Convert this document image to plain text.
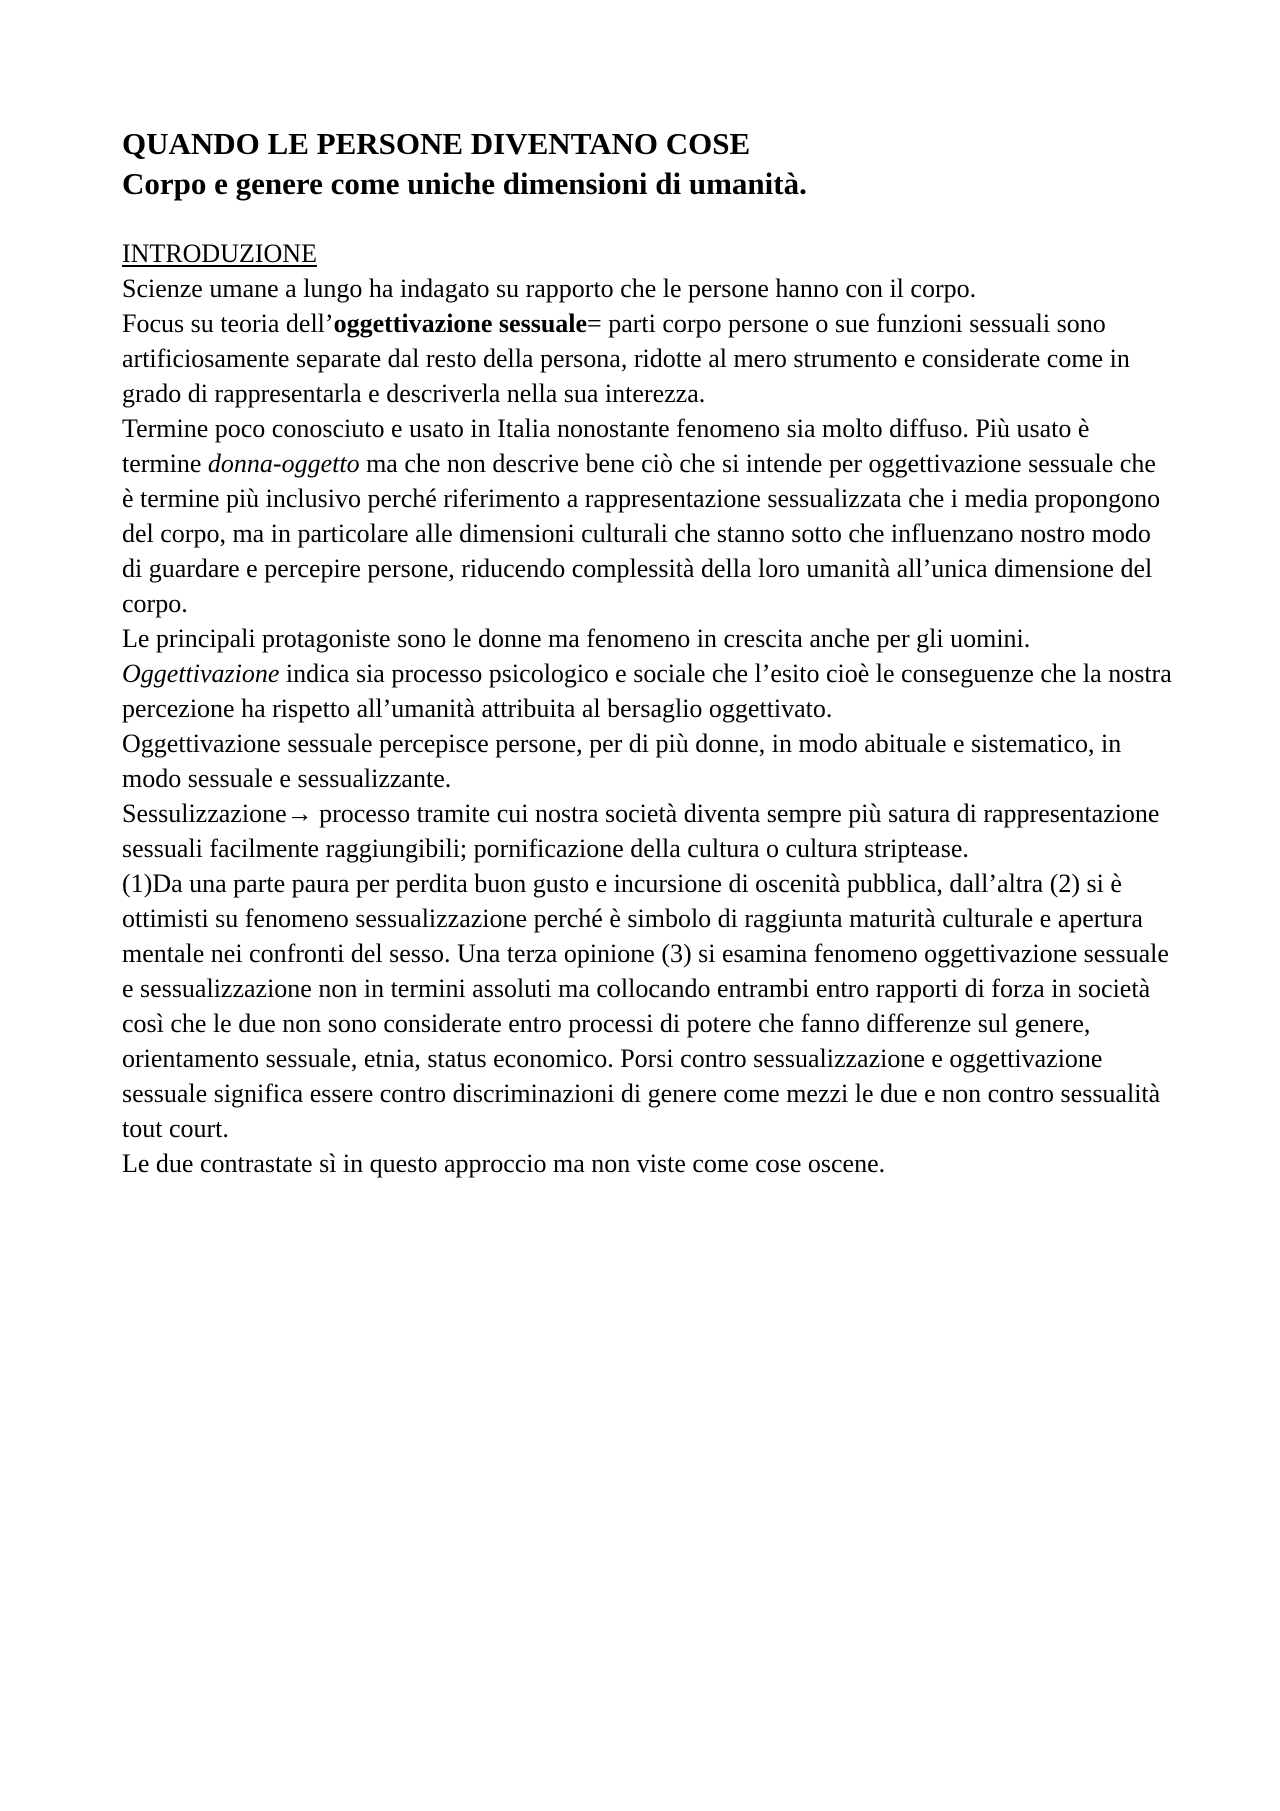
QUANDO LE PERSONE DIVENTANO COSE
Corpo e genere come uniche dimensioni di umanità.
INTRODUZIONE

Scienze umane a lungo ha indagato su rapporto che le persone hanno con il corpo.

Focus su teoria dell’oggettivazione sessuale= parti corpo persone o sue funzioni sessuali sono artificiosamente separate dal resto della persona, ridotte al mero strumento e considerate come in grado di rappresentarla e descriverla nella sua interezza.

Termine poco conosciuto e usato in Italia nonostante fenomeno sia molto diffuso. Più usato è termine donna-oggetto ma che non descrive bene ciò che si intende per oggettivazione sessuale che è termine più inclusivo perché riferimento a rappresentazione sessualizzata che i media propongono del corpo, ma in particolare alle dimensioni culturali che stanno sotto che influenzano nostro modo di guardare e percepire persone, riducendo complessità della loro umanità all’unica dimensione del corpo.

Le principali protagoniste sono le donne ma fenomeno in crescita anche per gli uomini.

Oggettivazione indica sia processo psicologico e sociale che l’esito cioè le conseguenze che la nostra percezione ha rispetto all’umanità attribuita al bersaglio oggettivato.

Oggettivazione sessuale percepisce persone, per di più donne, in modo abituale e sistematico, in modo sessuale e sessualizzante.

Sessulizzazione→ processo tramite cui nostra società diventa sempre più satura di rappresentazione sessuali facilmente raggiungibili; pornificazione della cultura o cultura striptease.

(1)Da una parte paura per perdita buon gusto e incursione di oscenità pubblica, dall’altra (2) si è ottimisti su fenomeno sessualizzazione perché è simbolo di raggiunta maturità culturale e apertura mentale nei confronti del sesso. Una terza opinione (3) si esamina fenomeno oggettivazione sessuale e sessualizzazione non in termini assoluti ma collocando entrambi entro rapporti di forza in società così che le due non sono considerate entro processi di potere che fanno differenze sul genere, orientamento sessuale, etnia, status economico. Porsi contro sessualizzazione e oggettivazione sessuale significa essere contro discriminazioni di genere come mezzi le due e non contro sessualità tout court.

Le due contrastate sì in questo approccio ma non viste come cose oscene.
